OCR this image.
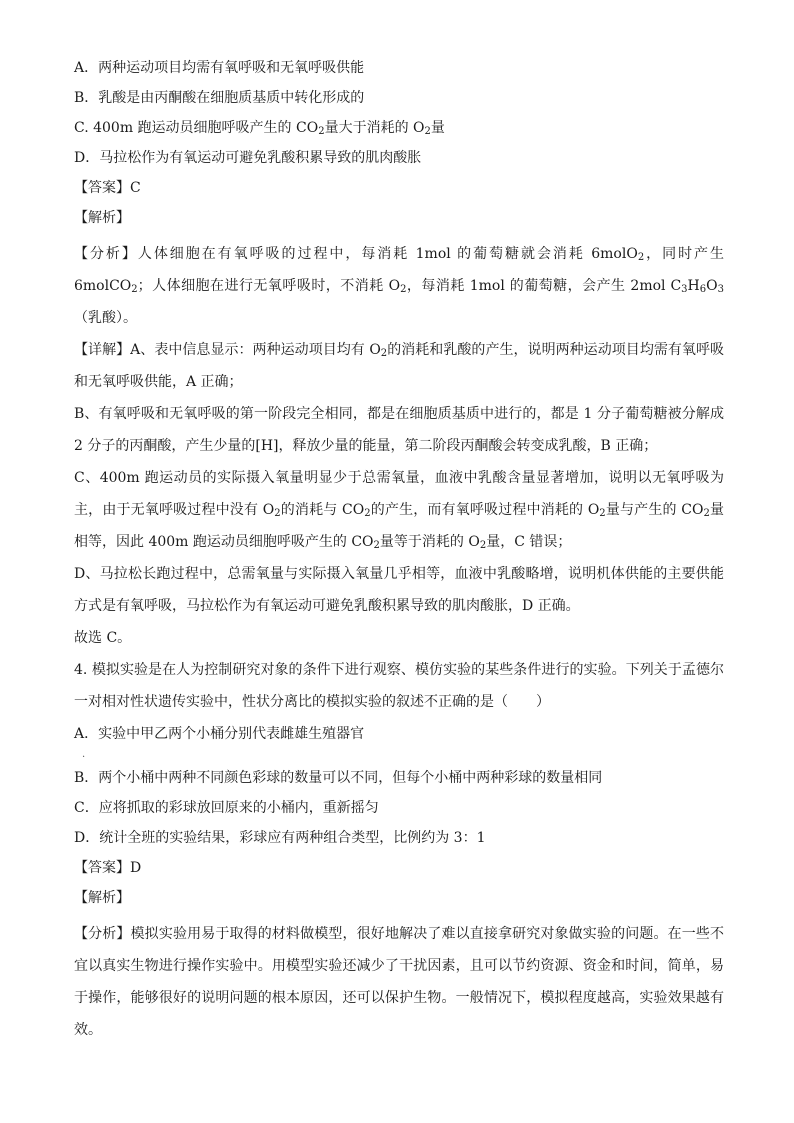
A．两种运动项目均需有氧呼吸和无氧呼吸供能
B．乳酸是由丙酮酸在细胞质基质中转化形成的
C. 400m 跑运动员细胞呼吸产生的 $CO_2$量大于消耗的 $O_2$量
D．马拉松作为有氧运动可避免乳酸积累导致的肌肉酸胀
【答案】C
【解析】
【分析】人体细胞在有氧呼吸的过程中，每消耗 1mol 的葡萄糖就会消耗 6molO$_2$，同时产生 6molCO$_2$；人体细胞在进行无氧呼吸时，不消耗 $O_2$，每消耗 1mol 的葡萄糖，会产生 2mol $C_3H_6O_3$（乳酸）。
【详解】A、表中信息显示：两种运动项目均有 $O_2$的消耗和乳酸的产生，说明两种运动项目均需有氧呼吸和无氧呼吸供能，A 正确；
B、有氧呼吸和无氧呼吸的第一阶段完全相同，都是在细胞质基质中进行的，都是 1 分子葡萄糖被分解成 2 分子的丙酮酸，产生少量的[H]，释放少量的能量，第二阶段丙酮酸会转变成乳酸，B 正确；
C、400m 跑运动员的实际摄入氧量明显少于总需氧量，血液中乳酸含量显著增加，说明以无氧呼吸为主，由于无氧呼吸过程中没有 $O_2$的消耗与 $CO_2$的产生，而有氧呼吸过程中消耗的 $O_2$量与产生的 $CO_2$量相等，因此 400m 跑运动员细胞呼吸产生的 $CO_2$量等于消耗的 $O_2$量，C 错误；
D、马拉松长跑过程中，总需氧量与实际摄入氧量几乎相等，血液中乳酸略增，说明机体供能的主要供能方式是有氧呼吸，马拉松作为有氧运动可避免乳酸积累导致的肌肉酸胀，D 正确。
故选 C。
4. 模拟实验是在人为控制研究对象的条件下进行观察、模仿实验的某些条件进行的实验。下列关于孟德尔一对相对性状遗传实验中，性状分离比的模拟实验的叙述不正确的是（　　）
A．实验中甲乙两个小桶分别代表雌雄生殖器官
.
B．两个小桶中两种不同颜色彩球的数量可以不同，但每个小桶中两种彩球的数量相同
C．应将抓取的彩球放回原来的小桶内，重新摇匀
D．统计全班的实验结果，彩球应有两种组合类型，比例约为 3：1
【答案】D
【解析】
【分析】模拟实验用易于取得的材料做模型，很好地解决了难以直接拿研究对象做实验的问题。在一些不宜以真实生物进行操作实验中。用模型实验还减少了干扰因素，且可以节约资源、资金和时间，简单，易于操作，能够很好的说明问题的根本原因，还可以保护生物。一般情况下，模拟程度越高，实验效果越有效。
